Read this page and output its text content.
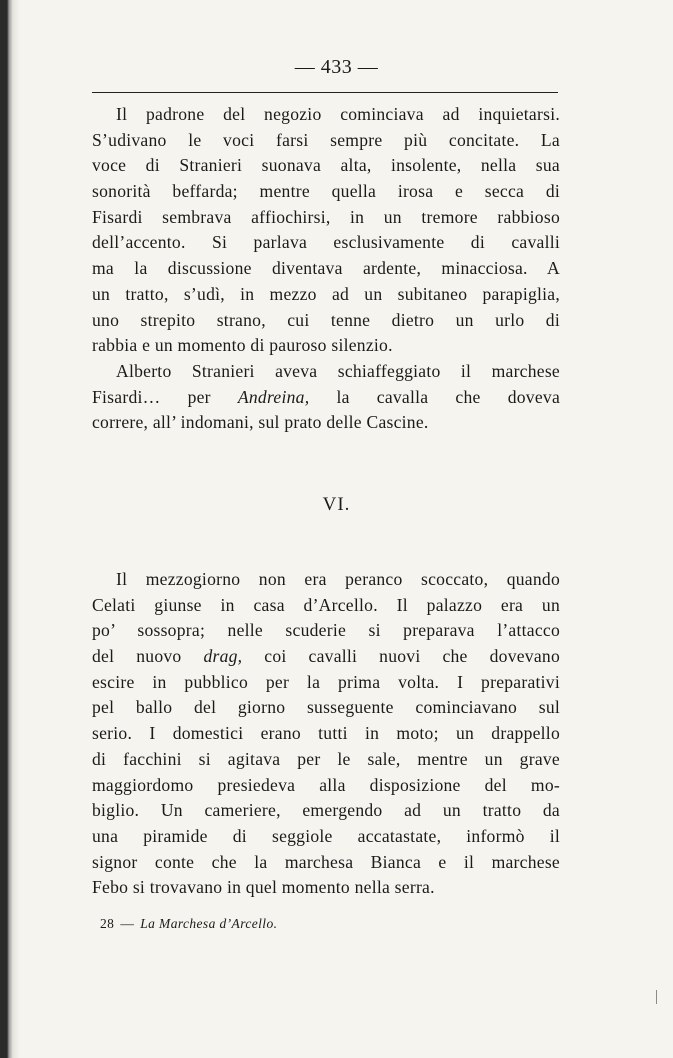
— 433 —
Il padrone del negozio cominciava ad inquietarsi.
S’udivano le voci farsi sempre più concitate. La
voce di Stranieri suonava alta, insolente, nella sua
sonorità beffarda; mentre quella irosa e secca di
Fisardi sembrava affiochirsi, in un tremore rabbioso
dell’accento. Si parlava esclusivamente di cavalli
ma la discussione diventava ardente, minacciosa. A
un tratto, s’udì, in mezzo ad un subitaneo parapiglia,
uno strepito strano, cui tenne dietro un urlo di
rabbia e un momento di pauroso silenzio.
Alberto Stranieri aveva schiaffeggiato il marchese
Fisardi… per Andreina, la cavalla che doveva
correre, all’ indomani, sul prato delle Cascine.
VI.
Il mezzogiorno non era peranco scoccato, quando
Celati giunse in casa d’Arcello. Il palazzo era un
po’ sossopra; nelle scuderie si preparava l’attacco
del nuovo drag, coi cavalli nuovi che dovevano
escire in pubblico per la prima volta. I preparativi
pel ballo del giorno susseguente cominciavano sul
serio. I domestici erano tutti in moto; un drappello
di facchini si agitava per le sale, mentre un grave
maggiordomo presiedeva alla disposizione del mo-
biglio. Un cameriere, emergendo ad un tratto da
una piramide di seggiole accatastate, informò il
signor conte che la marchesa Bianca e il marchese
Febo si trovavano in quel momento nella serra.
28 — La Marchesa d’Arcello.
